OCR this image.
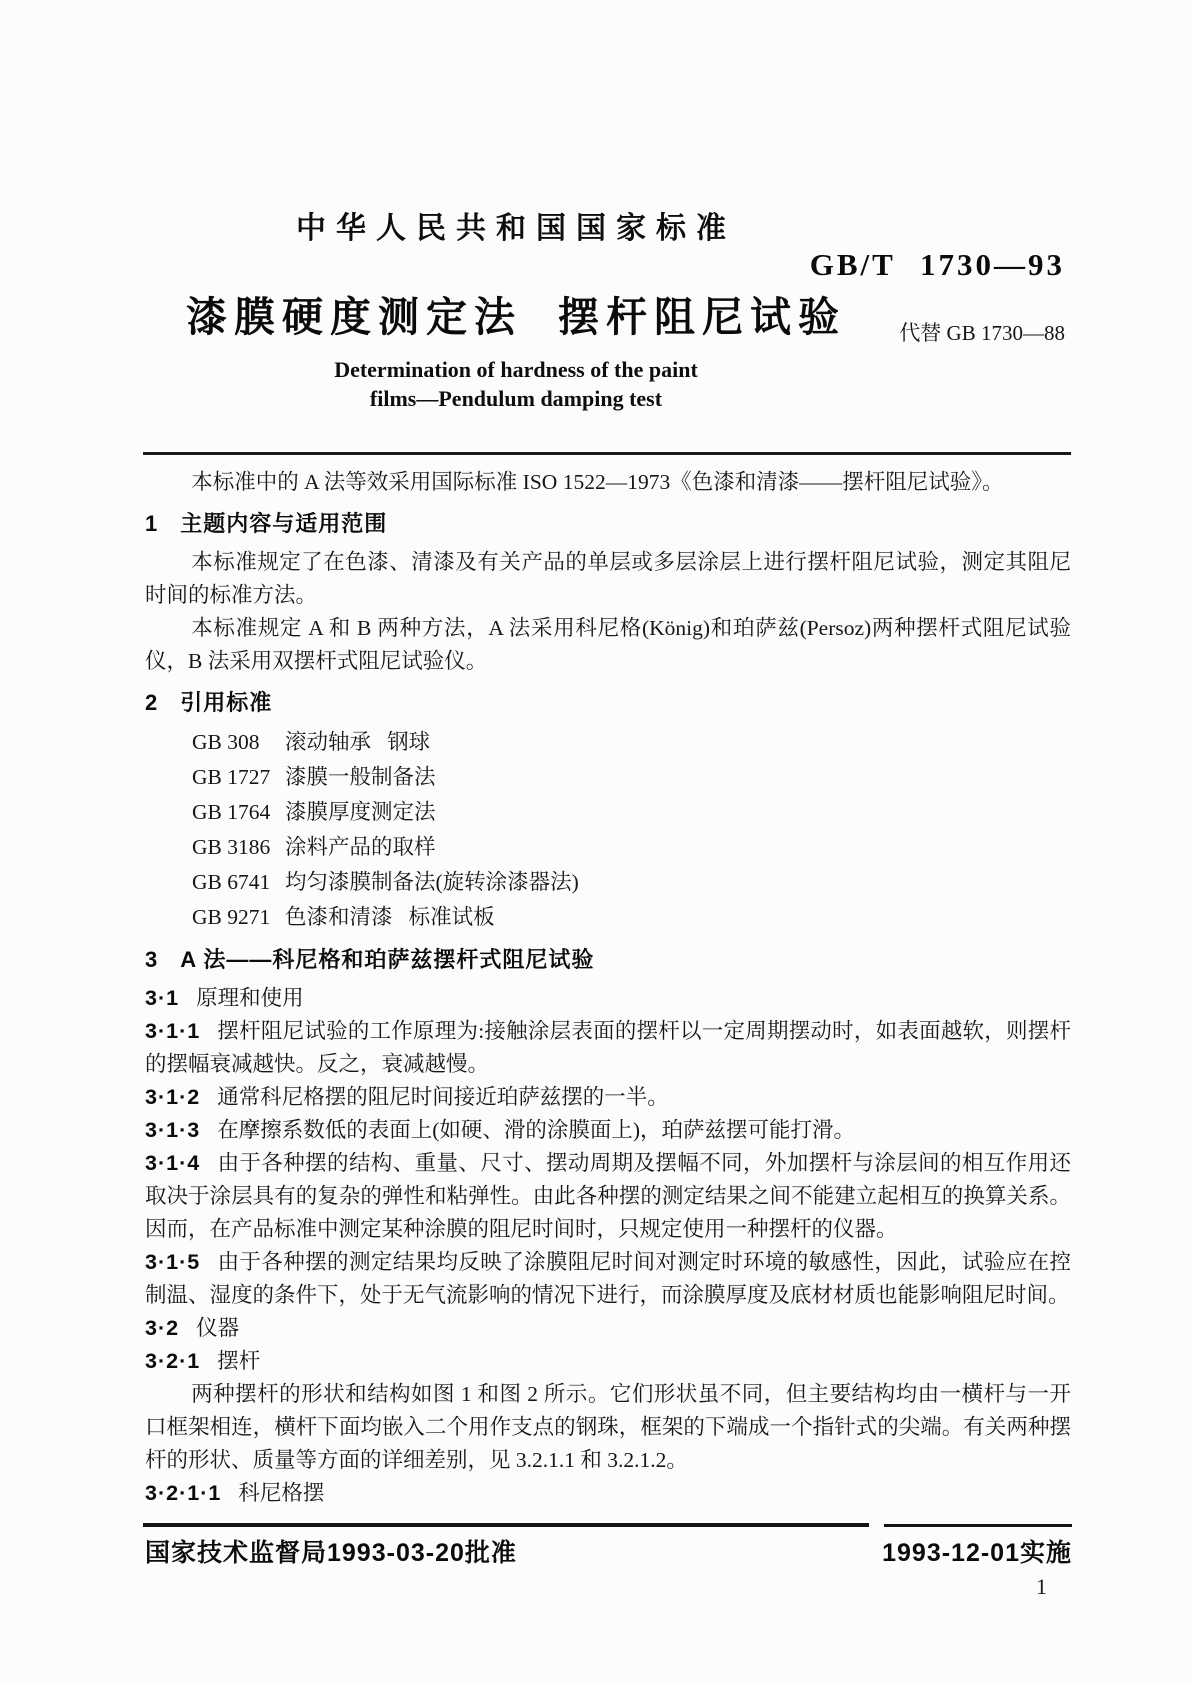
中华人民共和国国家标准
GB/T 1730—93
漆膜硬度测定法 摆杆阻尼试验	代替 GB 1730—88
Determination of hardness of the paint
films—Pendulum damping test

本标准中的 A 法等效采用国际标准 ISO 1522—1973《色漆和清漆——摆杆阻尼试验》。

1 主题内容与适用范围

本标准规定了在色漆、清漆及有关产品的单层或多层涂层上进行摆杆阻尼试验，测定其阻尼时间的标准方法。

本标准规定 A 和 B 两种方法，A 法采用科尼格(König)和珀萨兹(Persoz)两种摆杆式阻尼试验仪，B 法采用双摆杆式阻尼试验仪。

2 引用标准

GB 308 滚动轴承   钢球

GB 1727 漆膜一般制备法

GB 1764 漆膜厚度测定法

GB 3186 涂料产品的取样

GB 6741 均匀漆膜制备法(旋转涂漆器法)

GB 9271 色漆和清漆   标准试板

3 A 法——科尼格和珀萨兹摆杆式阻尼试验

3·1 原理和使用

3·1·1 摆杆阻尼试验的工作原理为:接触涂层表面的摆杆以一定周期摆动时，如表面越软，则摆杆的摆幅衰减越快。反之，衰减越慢。

3·1·2 通常科尼格摆的阻尼时间接近珀萨兹摆的一半。

3·1·3 在摩擦系数低的表面上(如硬、滑的涂膜面上)，珀萨兹摆可能打滑。

3·1·4 由于各种摆的结构、重量、尺寸、摆动周期及摆幅不同，外加摆杆与涂层间的相互作用还取决于涂层具有的复杂的弹性和粘弹性。由此各种摆的测定结果之间不能建立起相互的换算关系。因而，在产品标准中测定某种涂膜的阻尼时间时，只规定使用一种摆杆的仪器。

3·1·5 由于各种摆的测定结果均反映了涂膜阻尼时间对测定时环境的敏感性，因此，试验应在控制温、湿度的条件下，处于无气流影响的情况下进行，而涂膜厚度及底材材质也能影响阻尼时间。

3·2 仪器

3·2·1 摆杆

两种摆杆的形状和结构如图 1 和图 2 所示。它们形状虽不同，但主要结构均由一横杆与一开口框架相连，横杆下面均嵌入二个用作支点的钢珠，框架的下端成一个指针式的尖端。有关两种摆杆的形状、质量等方面的详细差别，见 3.2.1.1 和 3.2.1.2。

3·2·1·1 科尼格摆

国家技术监督局1993-03-20批准	1993-12-01实施
1
